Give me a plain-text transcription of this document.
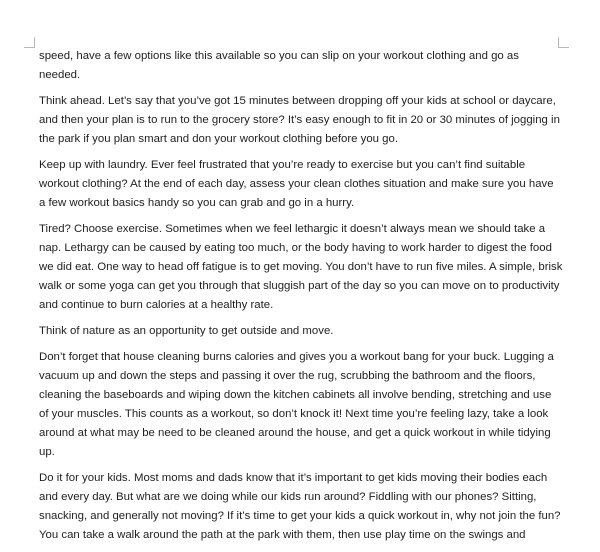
speed, have a few options like this available so you can slip on your workout clothing and go as needed.

Think ahead. Let’s say that you’ve got 15 minutes between dropping off your kids at school or daycare, and then your plan is to run to the grocery store? It’s easy enough to fit in 20 or 30 minutes of jogging in the park if you plan smart and don your workout clothing before you go.

Keep up with laundry. Ever feel frustrated that you’re ready to exercise but you can’t find suitable workout clothing? At the end of each day, assess your clean clothes situation and make sure you have a few workout basics handy so you can grab and go in a hurry.

Tired? Choose exercise. Sometimes when we feel lethargic it doesn’t always mean we should take a nap. Lethargy can be caused by eating too much, or the body having to work harder to digest the food we did eat. One way to head off fatigue is to get moving. You don’t have to run five miles. A simple, brisk walk or some yoga can get you through that sluggish part of the day so you can move on to productivity and continue to burn calories at a healthy rate.

Think of nature as an opportunity to get outside and move.

Don’t forget that house cleaning burns calories and gives you a workout bang for your buck. Lugging a vacuum up and down the steps and passing it over the rug, scrubbing the bathroom and the floors, cleaning the baseboards and wiping down the kitchen cabinets all involve bending, stretching and use of your muscles. This counts as a workout, so don’t knock it! Next time you’re feeling lazy, take a look around at what may be need to be cleaned around the house, and get a quick workout in while tidying up.

Do it for your kids. Most moms and dads know that it’s important to get kids moving their bodies each and every day. But what are we doing while our kids run around? Fiddling with our phones? Sitting, snacking, and generally not moving? If it’s time to get your kids a quick workout in, why not join the fun? You can take a walk around the path at the park with them, then use play time on the swings and
